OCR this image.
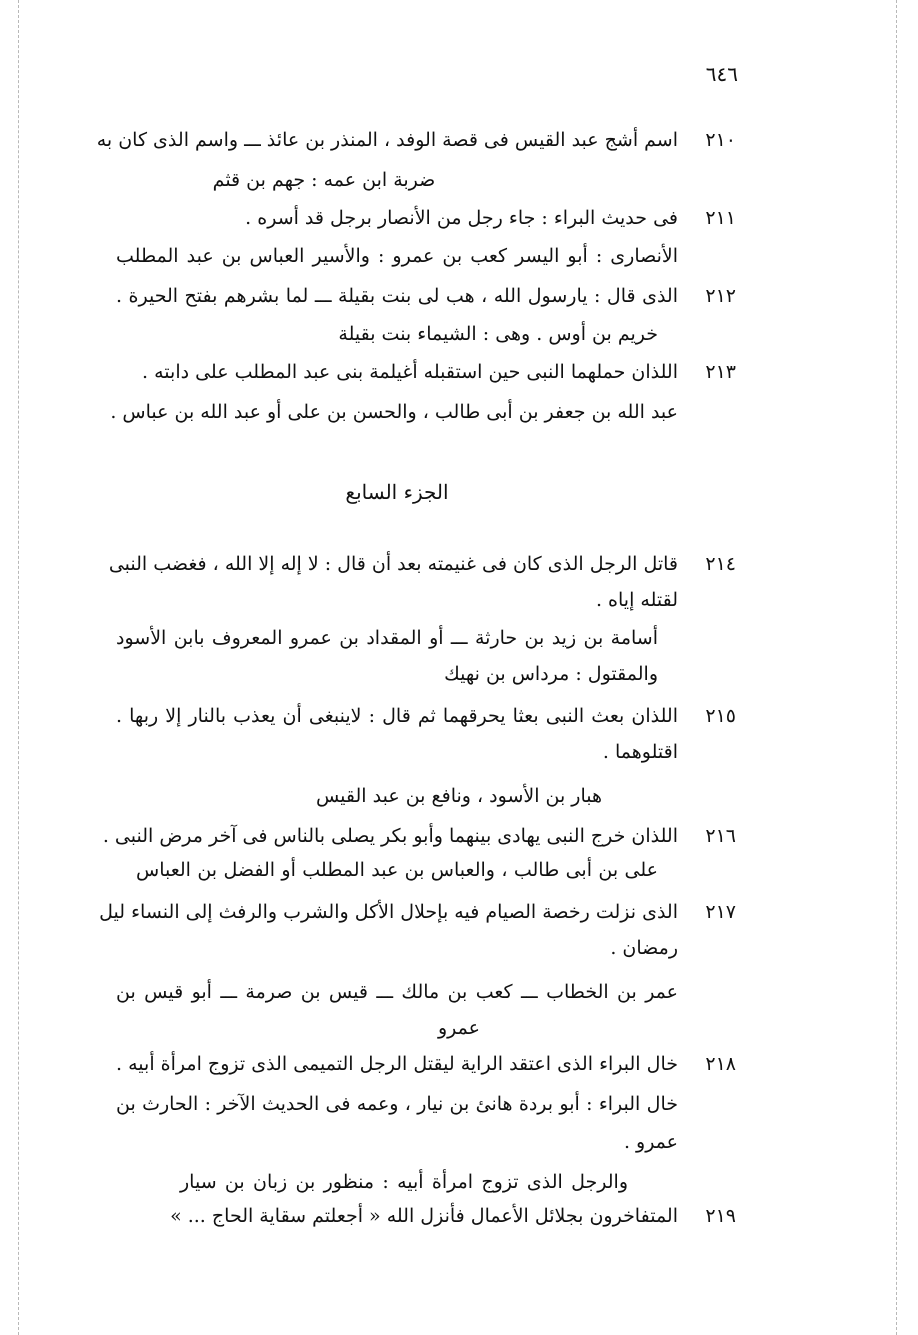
٦٤٦
٢١٠
اسم أشج عبد القيس فى قصة الوفد ، المنذر بن عائذ ـــ واسم الذى كان به
ضربة ابن عمه : جهم بن قثم
٢١١
فى حديث البراء : جاء رجل من الأنصار برجل قد أسره .
الأنصارى : أبو اليسر كعب بن عمرو : والأسير العباس بن عبد المطلب
٢١٢
الذى قال : يارسول الله ، هب لى بنت بقيلة ـــ لما بشرهم بفتح الحيرة .
خريم بن أوس . وهى : الشيماء بنت بقيلة
٢١٣
اللذان حملهما النبى حين استقبله أغيلمة بنى عبد المطلب على دابته .
عبد الله بن جعفر بن أبى طالب ، والحسن بن على أو عبد الله بن عباس .
الجزء السابع
٢١٤
قاتل الرجل الذى كان فى غنيمته بعد أن قال : لا إله إلا الله ، فغضب النبى
لقتله إياه .
أسامة بن زيد بن حارثة ـــ أو المقداد بن عمرو المعروف بابن الأسود
والمقتول : مرداس بن نهيك
٢١٥
اللذان بعث النبى بعثا يحرقهما ثم قال : لاينبغى أن يعذب بالنار إلا ربها .
اقتلوهما .
هبار بن الأسود ، ونافع بن عبد القيس
٢١٦
اللذان خرج النبى يهادى بينهما وأبو بكر يصلى بالناس فى آخر مرض النبى .
على بن أبى طالب ، والعباس بن عبد المطلب أو الفضل بن العباس
٢١٧
الذى نزلت رخصة الصيام فيه بإحلال الأكل والشرب والرفث إلى النساء ليل
رمضان .
عمر بن الخطاب ـــ كعب بن مالك ـــ قيس بن صرمة ـــ أبو قيس بن
عمرو
٢١٨
خال البراء الذى اعتقد الراية ليقتل الرجل التميمى الذى تزوج امرأة أبيه .
خال البراء : أبو بردة هانئ بن نيار ، وعمه فى الحديث الآخر : الحارث بن
عمرو .
والرجل الذى تزوج امرأة أبيه : منظور بن زبان بن سيار
٢١٩
المتفاخرون بجلائل الأعمال فأنزل الله « أجعلتم سقاية الحاج ... »
